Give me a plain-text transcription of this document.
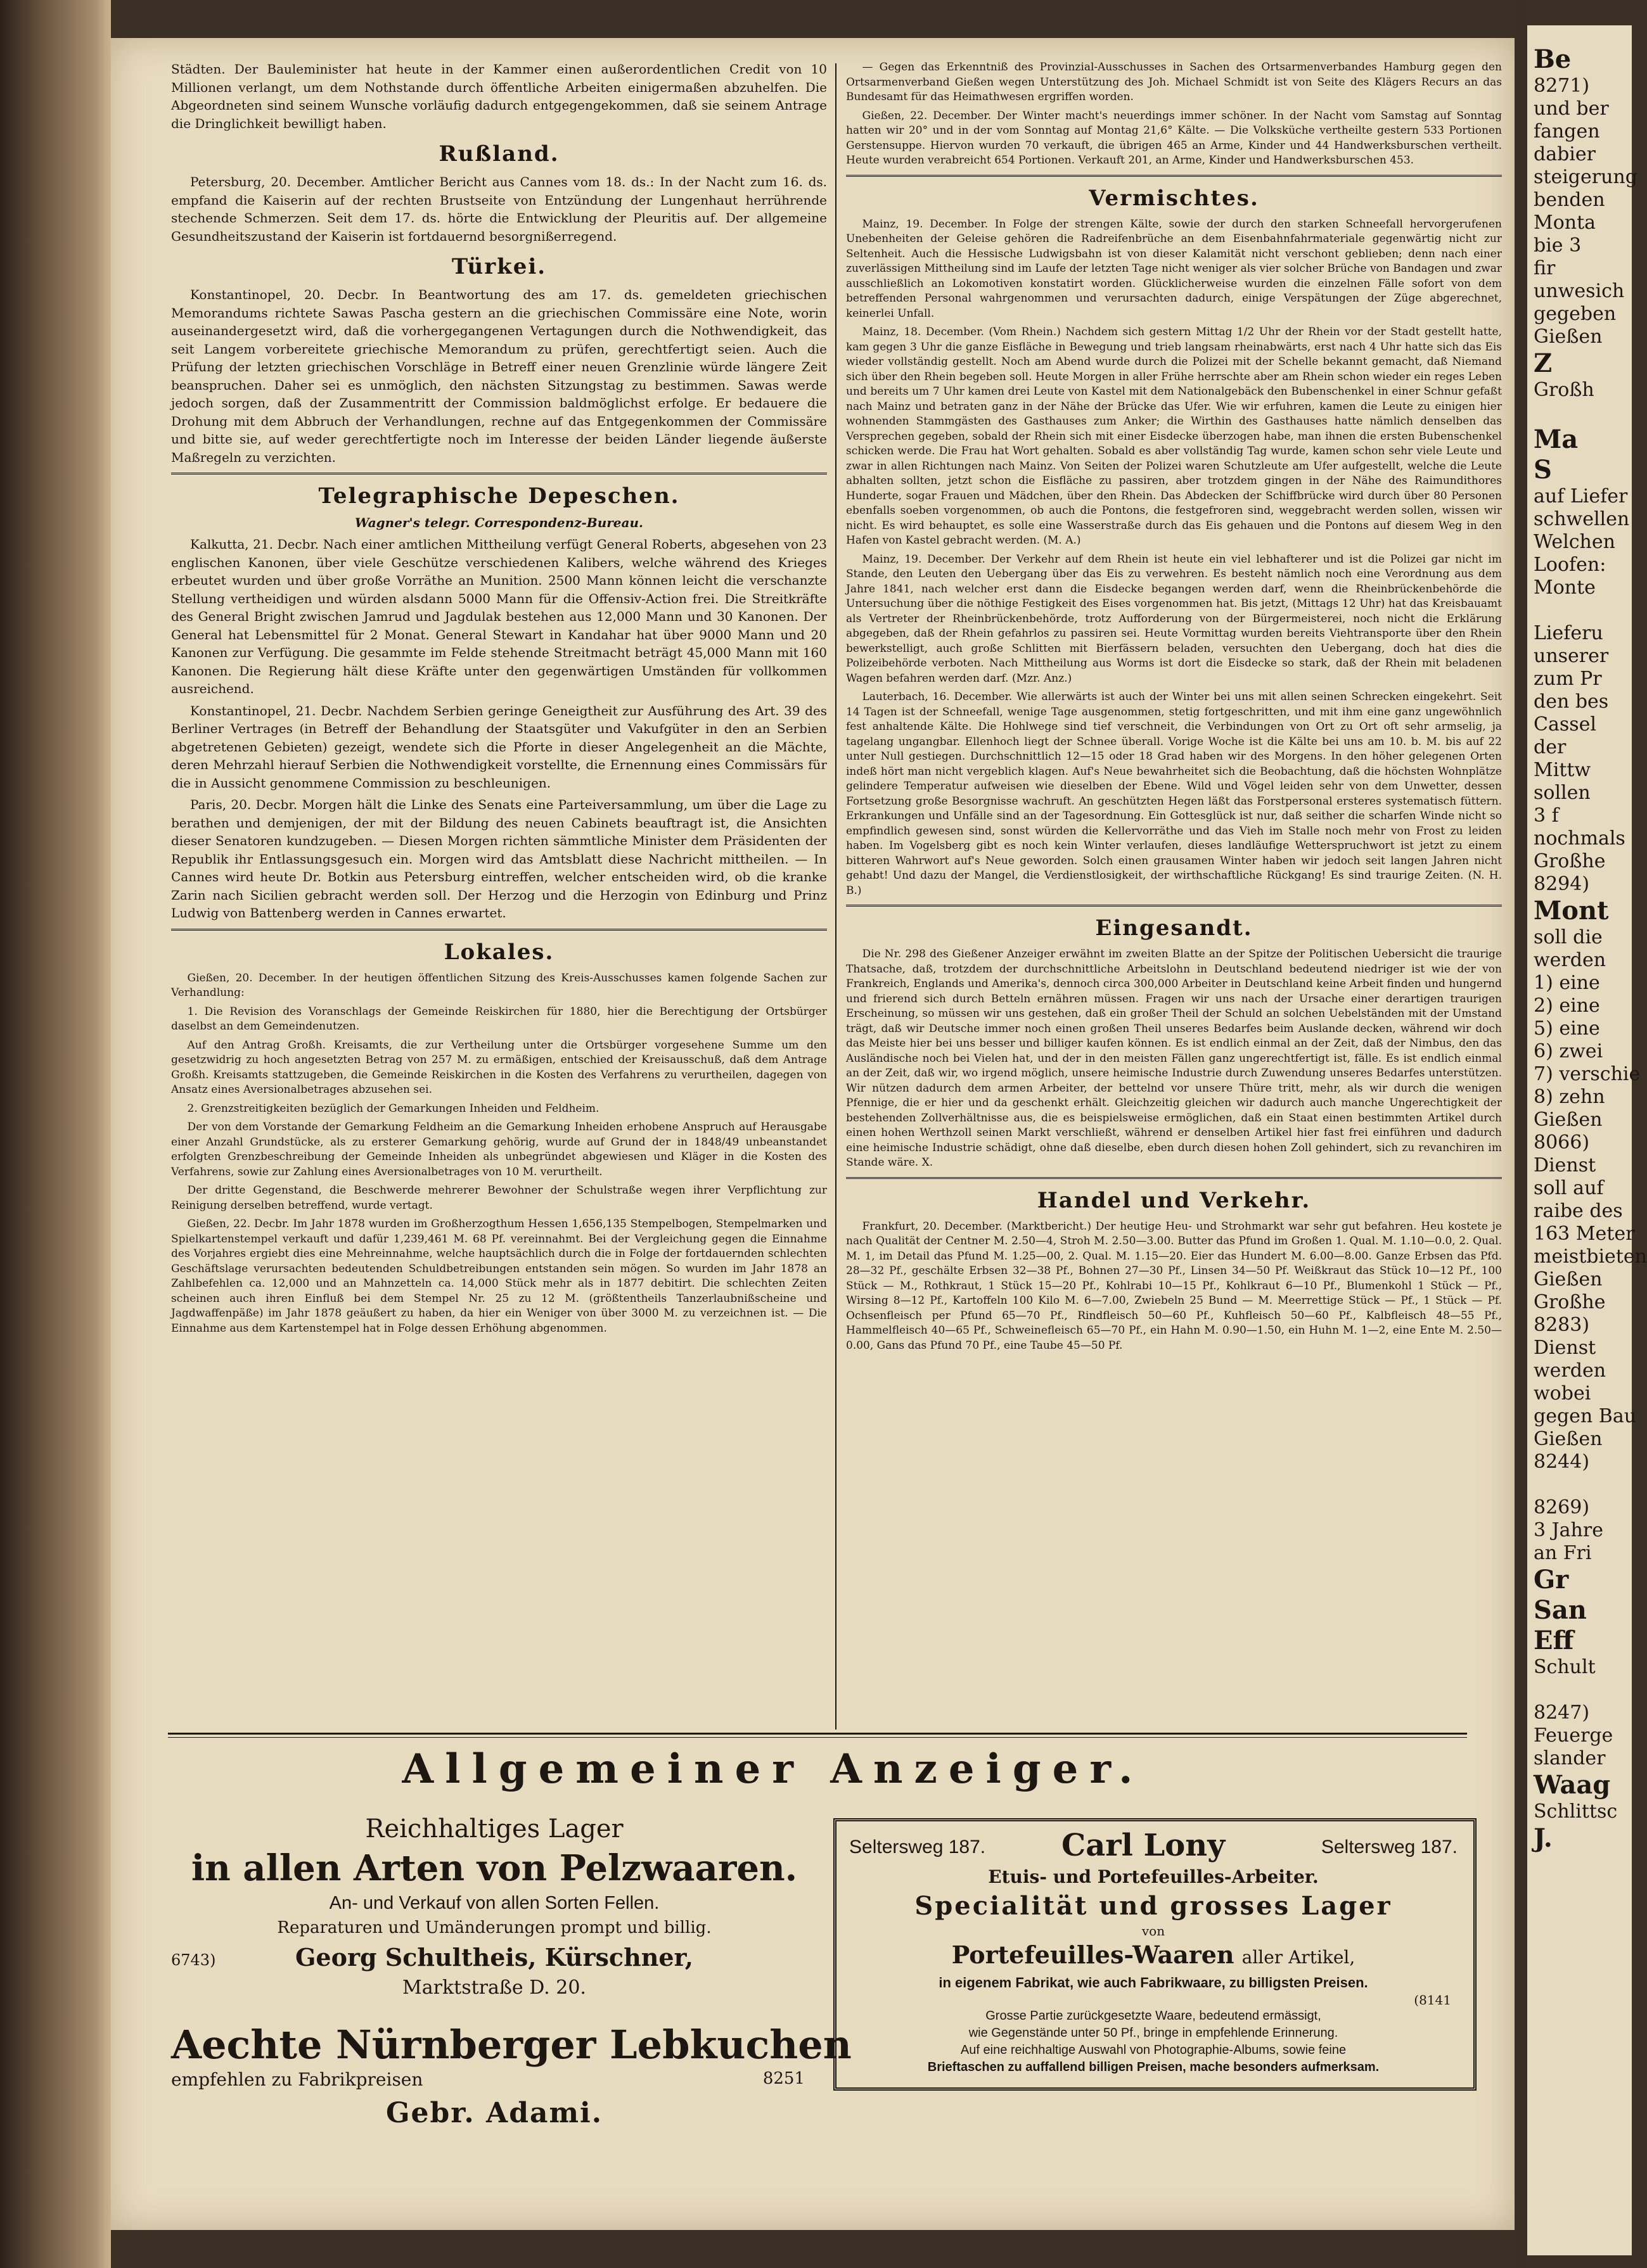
Städten. Der Bauleminister hat heute in der Kammer einen außerordentlichen Credit von 10 Millionen verlangt, um dem Nothstande durch öffentliche Arbeiten einigermaßen abzuhelfen. Die Abgeordneten sind seinem Wunsche vorläufig dadurch entgegengekommen, daß sie seinem Antrage die Dringlichkeit bewilligt haben.

Rußland.

Petersburg, 20. December. Amtlicher Bericht aus Cannes vom 18. ds.: In der Nacht zum 16. ds. empfand die Kaiserin auf der rechten Brustseite von Entzündung der Lungenhaut herrührende stechende Schmerzen. Seit dem 17. ds. hörte die Entwicklung der Pleuritis auf. Der allgemeine Gesundheitszustand der Kaiserin ist fortdauernd besorgnißerregend.

Türkei.

Konstantinopel, 20. Decbr. In Beantwortung des am 17. ds. gemeldeten griechischen Memorandums richtete Sawas Pascha gestern an die griechischen Commissäre eine Note, worin auseinandergesetzt wird, daß die vorhergegangenen Vertagungen durch die Nothwendigkeit, das seit Langem vorbereitete griechische Memorandum zu prüfen, gerechtfertigt seien. Auch die Prüfung der letzten griechischen Vorschläge in Betreff einer neuen Grenzlinie würde längere Zeit beanspruchen. Daher sei es unmöglich, den nächsten Sitzungstag zu bestimmen. Sawas werde jedoch sorgen, daß der Zusammentritt der Commission baldmöglichst erfolge. Er bedauere die Drohung mit dem Abbruch der Verhandlungen, rechne auf das Entgegenkommen der Commissäre und bitte sie, auf weder gerechtfertigte noch im Interesse der beiden Länder liegende äußerste Maßregeln zu verzichten.

Telegraphische Depeschen.
Wagner's telegr. Correspondenz-Bureau.

Kalkutta, 21. Decbr. Nach einer amtlichen Mittheilung verfügt General Roberts, abgesehen von 23 englischen Kanonen, über viele Geschütze verschiedenen Kalibers, welche während des Krieges erbeutet wurden und über große Vorräthe an Munition. 2500 Mann können leicht die verschanzte Stellung vertheidigen und würden alsdann 5000 Mann für die Offensiv-Action frei. Die Streitkräfte des General Bright zwischen Jamrud und Jagdulak bestehen aus 12,000 Mann und 30 Kanonen. Der General hat Lebensmittel für 2 Monat. General Stewart in Kandahar hat über 9000 Mann und 20 Kanonen zur Verfügung. Die gesammte im Felde stehende Streitmacht beträgt 45,000 Mann mit 160 Kanonen. Die Regierung hält diese Kräfte unter den gegenwärtigen Umständen für vollkommen ausreichend.

Konstantinopel, 21. Decbr. Nachdem Serbien geringe Geneigtheit zur Ausführung des Art. 39 des Berliner Vertrages (in Betreff der Behandlung der Staatsgüter und Vakufgüter in den an Serbien abgetretenen Gebieten) gezeigt, wendete sich die Pforte in dieser Angelegenheit an die Mächte, deren Mehrzahl hierauf Serbien die Nothwendigkeit vorstellte, die Ernennung eines Commissärs für die in Aussicht genommene Commission zu beschleunigen.

Paris, 20. Decbr. Morgen hält die Linke des Senats eine Parteiversammlung, um über die Lage zu berathen und demjenigen, der mit der Bildung des neuen Cabinets beauftragt ist, die Ansichten dieser Senatoren kundzugeben. — Diesen Morgen richten sämmtliche Minister dem Präsidenten der Republik ihr Entlassungsgesuch ein. Morgen wird das Amtsblatt diese Nachricht mittheilen. — In Cannes wird heute Dr. Botkin aus Petersburg eintreffen, welcher entscheiden wird, ob die kranke Zarin nach Sicilien gebracht werden soll. Der Herzog und die Herzogin von Edinburg und Prinz Ludwig von Battenberg werden in Cannes erwartet.

Lokales.

Gießen, 20. December. In der heutigen öffentlichen Sitzung des Kreis-Ausschusses kamen folgende Sachen zur Verhandlung:

1. Die Revision des Voranschlags der Gemeinde Reiskirchen für 1880, hier die Berechtigung der Ortsbürger daselbst an dem Gemeindenutzen.

Auf den Antrag Großh. Kreisamts, die zur Vertheilung unter die Ortsbürger vorgesehene Summe um den gesetzwidrig zu hoch angesetzten Betrag von 257 M. zu ermäßigen, entschied der Kreisausschuß, daß dem Antrage Großh. Kreisamts stattzugeben, die Gemeinde Reiskirchen in die Kosten des Verfahrens zu verurtheilen, dagegen von Ansatz eines Aversionalbetrages abzusehen sei.

2. Grenzstreitigkeiten bezüglich der Gemarkungen Inheiden und Feldheim.

Der von dem Vorstande der Gemarkung Feldheim an die Gemarkung Inheiden erhobene Anspruch auf Herausgabe einer Anzahl Grundstücke, als zu ersterer Gemarkung gehörig, wurde auf Grund der in 1848/49 unbeanstandet erfolgten Grenzbeschreibung der Gemeinde Inheiden als unbegründet abgewiesen und Kläger in die Kosten des Verfahrens, sowie zur Zahlung eines Aversionalbetrages von 10 M. verurtheilt.

Der dritte Gegenstand, die Beschwerde mehrerer Bewohner der Schulstraße wegen ihrer Verpflichtung zur Reinigung derselben betreffend, wurde vertagt.

Gießen, 22. Decbr. Im Jahr 1878 wurden im Großherzogthum Hessen 1,656,135 Stempelbogen, Stempelmarken und Spielkartenstempel verkauft und dafür 1,239,461 M. 68 Pf. vereinnahmt. Bei der Vergleichung gegen die Einnahme des Vorjahres ergiebt dies eine Mehreinnahme, welche hauptsächlich durch die in Folge der fortdauernden schlechten Geschäftslage verursachten bedeutenden Schuldbetreibungen entstanden sein mögen. So wurden im Jahr 1878 an Zahlbefehlen ca. 12,000 und an Mahnzetteln ca. 14,000 Stück mehr als in 1877 debitirt. Die schlechten Zeiten scheinen auch ihren Einfluß bei dem Stempel Nr. 25 zu 12 M. (größtentheils Tanzerlaubnißscheine und Jagdwaffenpäße) im Jahr 1878 geäußert zu haben, da hier ein Weniger von über 3000 M. zu verzeichnen ist. — Die Einnahme aus dem Kartenstempel hat in Folge dessen Erhöhung abgenommen.

— Gegen das Erkenntniß des Provinzial-Ausschusses in Sachen des Ortsarmenverbandes Hamburg gegen den Ortsarmenverband Gießen wegen Unterstützung des Joh. Michael Schmidt ist von Seite des Klägers Recurs an das Bundesamt für das Heimathwesen ergriffen worden.

Gießen, 22. December. Der Winter macht's neuerdings immer schöner. In der Nacht vom Samstag auf Sonntag hatten wir 20° und in der vom Sonntag auf Montag 21,6° Kälte. — Die Volksküche vertheilte gestern 533 Portionen Gerstensuppe. Hiervon wurden 70 verkauft, die übrigen 465 an Arme, Kinder und 44 Handwerksburschen vertheilt. Heute wurden verabreicht 654 Portionen. Verkauft 201, an Arme, Kinder und Handwerksburschen 453.

Vermischtes.

Mainz, 19. December. In Folge der strengen Kälte, sowie der durch den starken Schneefall hervorgerufenen Unebenheiten der Geleise gehören die Radreifenbrüche an dem Eisenbahnfahrmateriale gegenwärtig nicht zur Seltenheit. Auch die Hessische Ludwigsbahn ist von dieser Kalamität nicht verschont geblieben; denn nach einer zuverlässigen Mittheilung sind im Laufe der letzten Tage nicht weniger als vier solcher Brüche von Bandagen und zwar ausschließlich an Lokomotiven konstatirt worden. Glücklicherweise wurden die einzelnen Fälle sofort von dem betreffenden Personal wahrgenommen und verursachten dadurch, einige Verspätungen der Züge abgerechnet, keinerlei Unfall.

Mainz, 18. December. (Vom Rhein.) Nachdem sich gestern Mittag 1/2 Uhr der Rhein vor der Stadt gestellt hatte, kam gegen 3 Uhr die ganze Eisfläche in Bewegung und trieb langsam rheinabwärts, erst nach 4 Uhr hatte sich das Eis wieder vollständig gestellt. Noch am Abend wurde durch die Polizei mit der Schelle bekannt gemacht, daß Niemand sich über den Rhein begeben soll. Heute Morgen in aller Frühe herrschte aber am Rhein schon wieder ein reges Leben und bereits um 7 Uhr kamen drei Leute von Kastel mit dem Nationalgebäck den Bubenschenkel in einer Schnur gefaßt nach Mainz und betraten ganz in der Nähe der Brücke das Ufer. Wie wir erfuhren, kamen die Leute zu einigen hier wohnenden Stammgästen des Gasthauses zum Anker; die Wirthin des Gasthauses hatte nämlich denselben das Versprechen gegeben, sobald der Rhein sich mit einer Eisdecke überzogen habe, man ihnen die ersten Bubenschenkel schicken werde. Die Frau hat Wort gehalten. Sobald es aber vollständig Tag wurde, kamen schon sehr viele Leute und zwar in allen Richtungen nach Mainz. Von Seiten der Polizei waren Schutzleute am Ufer aufgestellt, welche die Leute abhalten sollten, jetzt schon die Eisfläche zu passiren, aber trotzdem gingen in der Nähe des Raimundithores Hunderte, sogar Frauen und Mädchen, über den Rhein. Das Abdecken der Schiffbrücke wird durch über 80 Personen ebenfalls soeben vorgenommen, ob auch die Pontons, die festgefroren sind, weggebracht werden sollen, wissen wir nicht. Es wird behauptet, es solle eine Wasserstraße durch das Eis gehauen und die Pontons auf diesem Weg in den Hafen von Kastel gebracht werden. (M. A.)

Mainz, 19. December. Der Verkehr auf dem Rhein ist heute ein viel lebhafterer und ist die Polizei gar nicht im Stande, den Leuten den Uebergang über das Eis zu verwehren. Es besteht nämlich noch eine Verordnung aus dem Jahre 1841, nach welcher erst dann die Eisdecke begangen werden darf, wenn die Rheinbrückenbehörde die Untersuchung über die nöthige Festigkeit des Eises vorgenommen hat. Bis jetzt, (Mittags 12 Uhr) hat das Kreisbauamt als Vertreter der Rheinbrückenbehörde, trotz Aufforderung von der Bürgermeisterei, noch nicht die Erklärung abgegeben, daß der Rhein gefahrlos zu passiren sei. Heute Vormittag wurden bereits Viehtransporte über den Rhein bewerkstelligt, auch große Schlitten mit Bierfässern beladen, versuchten den Uebergang, doch hat dies die Polizeibehörde verboten. Nach Mittheilung aus Worms ist dort die Eisdecke so stark, daß der Rhein mit beladenen Wagen befahren werden darf. (Mzr. Anz.)

Lauterbach, 16. December. Wie allerwärts ist auch der Winter bei uns mit allen seinen Schrecken eingekehrt. Seit 14 Tagen ist der Schneefall, wenige Tage ausgenommen, stetig fortgeschritten, und mit ihm eine ganz ungewöhnlich fest anhaltende Kälte. Die Hohlwege sind tief verschneit, die Verbindungen von Ort zu Ort oft sehr armselig, ja tagelang ungangbar. Ellenhoch liegt der Schnee überall. Vorige Woche ist die Kälte bei uns am 10. b. M. bis auf 22 unter Null gestiegen. Durchschnittlich 12—15 oder 18 Grad haben wir des Morgens. In den höher gelegenen Orten indeß hört man nicht vergeblich klagen. Auf's Neue bewahrheitet sich die Beobachtung, daß die höchsten Wohnplätze gelindere Temperatur aufweisen wie dieselben der Ebene. Wild und Vögel leiden sehr von dem Unwetter, dessen Fortsetzung große Besorgnisse wachruft. An geschützten Hegen läßt das Forstpersonal ersteres systematisch füttern. Erkrankungen und Unfälle sind an der Tagesordnung. Ein Gottesglück ist nur, daß seither die scharfen Winde nicht so empfindlich gewesen sind, sonst würden die Kellervorräthe und das Vieh im Stalle noch mehr von Frost zu leiden haben. Im Vogelsberg gibt es noch kein Winter verlaufen, dieses landläufige Wetterspruchwort ist jetzt zu einem bitteren Wahrwort auf's Neue geworden. Solch einen grausamen Winter haben wir jedoch seit langen Jahren nicht gehabt! Und dazu der Mangel, die Verdienstlosigkeit, der wirthschaftliche Rückgang! Es sind traurige Zeiten. (N. H. B.)

Eingesandt.

Die Nr. 298 des Gießener Anzeiger erwähnt im zweiten Blatte an der Spitze der Politischen Uebersicht die traurige Thatsache, daß, trotzdem der durchschnittliche Arbeitslohn in Deutschland bedeutend niedriger ist wie der von Frankreich, Englands und Amerika's, dennoch circa 300,000 Arbeiter in Deutschland keine Arbeit finden und hungernd und frierend sich durch Betteln ernähren müssen. Fragen wir uns nach der Ursache einer derartigen traurigen Erscheinung, so müssen wir uns gestehen, daß ein großer Theil der Schuld an solchen Uebelständen mit der Umstand trägt, daß wir Deutsche immer noch einen großen Theil unseres Bedarfes beim Auslande decken, während wir doch das Meiste hier bei uns besser und billiger kaufen können. Es ist endlich einmal an der Zeit, daß der Nimbus, den das Ausländische noch bei Vielen hat, und der in den meisten Fällen ganz ungerechtfertigt ist, fälle. Es ist endlich einmal an der Zeit, daß wir, wo irgend möglich, unsere heimische Industrie durch Zuwendung unseres Bedarfes unterstützen. Wir nützen dadurch dem armen Arbeiter, der bettelnd vor unsere Thüre tritt, mehr, als wir durch die wenigen Pfennige, die er hier und da geschenkt erhält. Gleichzeitig gleichen wir dadurch auch manche Ungerechtigkeit der bestehenden Zollverhältnisse aus, die es beispielsweise ermöglichen, daß ein Staat einen bestimmten Artikel durch einen hohen Werthzoll seinen Markt verschließt, während er denselben Artikel hier fast frei einführen und dadurch eine heimische Industrie schädigt, ohne daß dieselbe, eben durch diesen hohen Zoll gehindert, sich zu revanchiren im Stande wäre. X.

Handel und Verkehr.

Frankfurt, 20. December. (Marktbericht.) Der heutige Heu- und Strohmarkt war sehr gut befahren. Heu kostete je nach Qualität der Centner M. 2.50—4, Stroh M. 2.50—3.00. Butter das Pfund im Großen 1. Qual. M. 1.10—0.0, 2. Qual. M. 1, im Detail das Pfund M. 1.25—00, 2. Qual. M. 1.15—20. Eier das Hundert M. 6.00—8.00. Ganze Erbsen das Pfd. 28—32 Pf., geschälte Erbsen 32—38 Pf., Bohnen 27—30 Pf., Linsen 34—50 Pf. Weißkraut das Stück 10—12 Pf., 100 Stück — M., Rothkraut, 1 Stück 15—20 Pf., Kohlrabi 10—15 Pf., Kohlkraut 6—10 Pf., Blumenkohl 1 Stück — Pf., Wirsing 8—12 Pf., Kartoffeln 100 Kilo M. 6—7.00, Zwiebeln 25 Bund — M. Meerrettige Stück — Pf., 1 Stück — Pf. Ochsenfleisch per Pfund 65—70 Pf., Rindfleisch 50—60 Pf., Kuhfleisch 50—60 Pf., Kalbfleisch 48—55 Pf., Hammelfleisch 40—65 Pf., Schweinefleisch 65—70 Pf., ein Hahn M. 0.90—1.50, ein Huhn M. 1—2, eine Ente M. 2.50—0.00, Gans das Pfund 70 Pf., eine Taube 45—50 Pf.

Allgemeiner Anzeiger.
Reichhaltiges Lager
in allen Arten von Pelzwaaren.
An- und Verkauf von allen Sorten Fellen.
Reparaturen und Umänderungen prompt und billig.
6743)	Georg Schultheis, Kürschner,
Marktstraße D. 20.
Aechte Nürnberger Lebkuchen
empfehlen zu Fabrikpreisen	8251
Gebr. Adami.
Seltersweg 187. Carl Lony	Seltersweg 187.
Etuis- und Portefeuilles-Arbeiter.
Specialität und grosses Lager
von
Portefeuilles-Waaren aller Artikel,
in eigenem Fabrikat, wie auch Fabrikwaare, zu billigsten Preisen.
(8141
Grosse Partie zurückgesetzte Waare, bedeutend ermässigt,
wie Gegenstände unter 50 Pf., bringe in empfehlende Erinnerung.
Auf eine reichhaltige Auswahl von Photographie-Albums, sowie feine
Brieftaschen zu auffallend billigen Preisen, mache besonders aufmerksam.
Be
8271)
und ber
fangen
dabier
steigerung
benden
Monta
bie 3
fir
unwesich
gegeben
Gießen
Z
Großh

Ma
S
auf Liefer
schwellen
Welchen
Loofen:
Monte

Lieferu
unserer
zum Pr
den bes
Cassel
der
Mittw
sollen
3 f
nochmals
Großhe
8294)
Mont
soll die
werden
1) eine
2) eine
5) eine
6) zwei
7) verschie
8) zehn
Gießen
8066)
Dienst
soll auf
raibe des
163 Meter
meistbieten
Gießen
Großhe
8283)
Dienst
werden
wobei
gegen Bau
Gießen
8244)

8269)
3 Jahre
an Fri
Gr
San
Eff
Schult

8247)
Feuerge
slander
Waag
Schlittsc
J.
